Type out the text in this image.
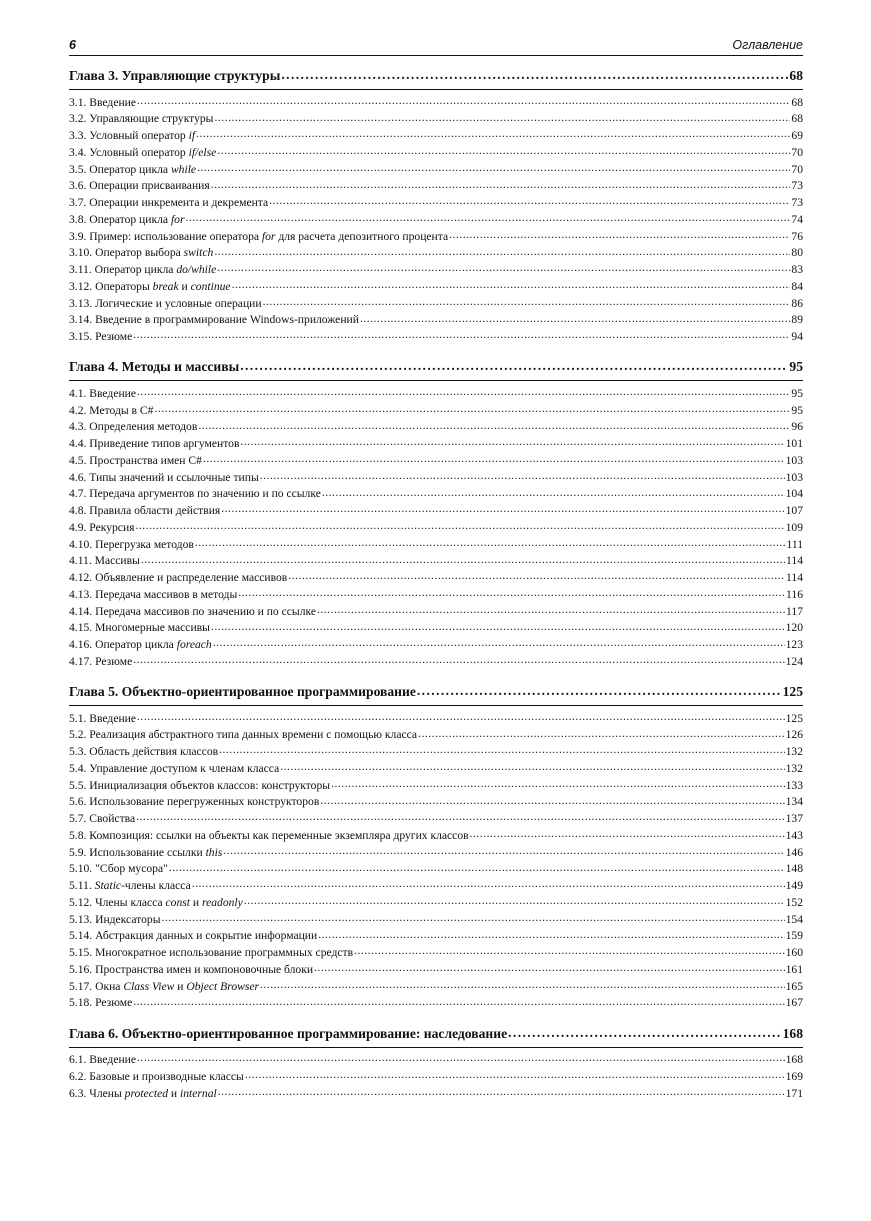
6	Оглавление
Глава 3. Управляющие структуры .....	68
3.1. Введение .....	68
3.2. Управляющие структуры .....	68
3.3. Условный оператор if .....	69
3.4. Условный оператор if/else .....	70
3.5. Оператор цикла while .....	70
3.6. Операции присваивания .....	73
3.7. Операции инкремента и декремента .....	73
3.8. Оператор цикла for .....	74
3.9. Пример: использование оператора for для расчета депозитного процента .....	76
3.10. Оператор выбора switch .....	80
3.11. Оператор цикла do/while .....	83
3.12. Операторы break и continue .....	84
3.13. Логические и условные операции .....	86
3.14. Введение в программирование Windows-приложений .....	89
3.15. Резюме .....	94
Глава 4. Методы и массивы .....	95
4.1. Введение .....	95
4.2. Методы в C# .....	95
4.3. Определения методов .....	96
4.4. Приведение типов аргументов .....	101
4.5. Пространства имен C# .....	103
4.6. Типы значений и ссылочные типы .....	103
4.7. Передача аргументов по значению и по ссылке .....	104
4.8. Правила области действия .....	107
4.9. Рекурсия .....	109
4.10. Перегрузка методов .....	111
4.11. Массивы .....	114
4.12. Объявление и распределение массивов .....	114
4.13. Передача массивов в методы .....	116
4.14. Передача массивов по значению и по ссылке .....	117
4.15. Многомерные массивы .....	120
4.16. Оператор цикла foreach .....	123
4.17. Резюме .....	124
Глава 5. Объектно-ориентированное программирование .....	125
5.1. Введение .....	125
5.2. Реализация абстрактного типа данных времени с помощью класса .....	126
5.3. Область действия классов .....	132
5.4. Управление доступом к членам класса .....	132
5.5. Инициализация объектов классов: конструкторы .....	133
5.6. Использование перегруженных конструкторов .....	134
5.7. Свойства .....	137
5.8. Композиция: ссылки на объекты как переменные экземпляра других классов .....	143
5.9. Использование ссылки this .....	146
5.10. "Сбор мусора" .....	148
5.11. Static-члены класса .....	149
5.12. Члены класса const и readonly .....	152
5.13. Индексаторы .....	154
5.14. Абстракция данных и сокрытие информации .....	159
5.15. Многократное использование программных средств .....	160
5.16. Пространства имен и компоновочные блоки .....	161
5.17. Окна Class View и Object Browser .....	165
5.18. Резюме .....	167
Глава 6. Объектно-ориентированное программирование: наследование .....	168
6.1. Введение .....	168
6.2. Базовые и производные классы .....	169
6.3. Члены protected и internal .....	171
